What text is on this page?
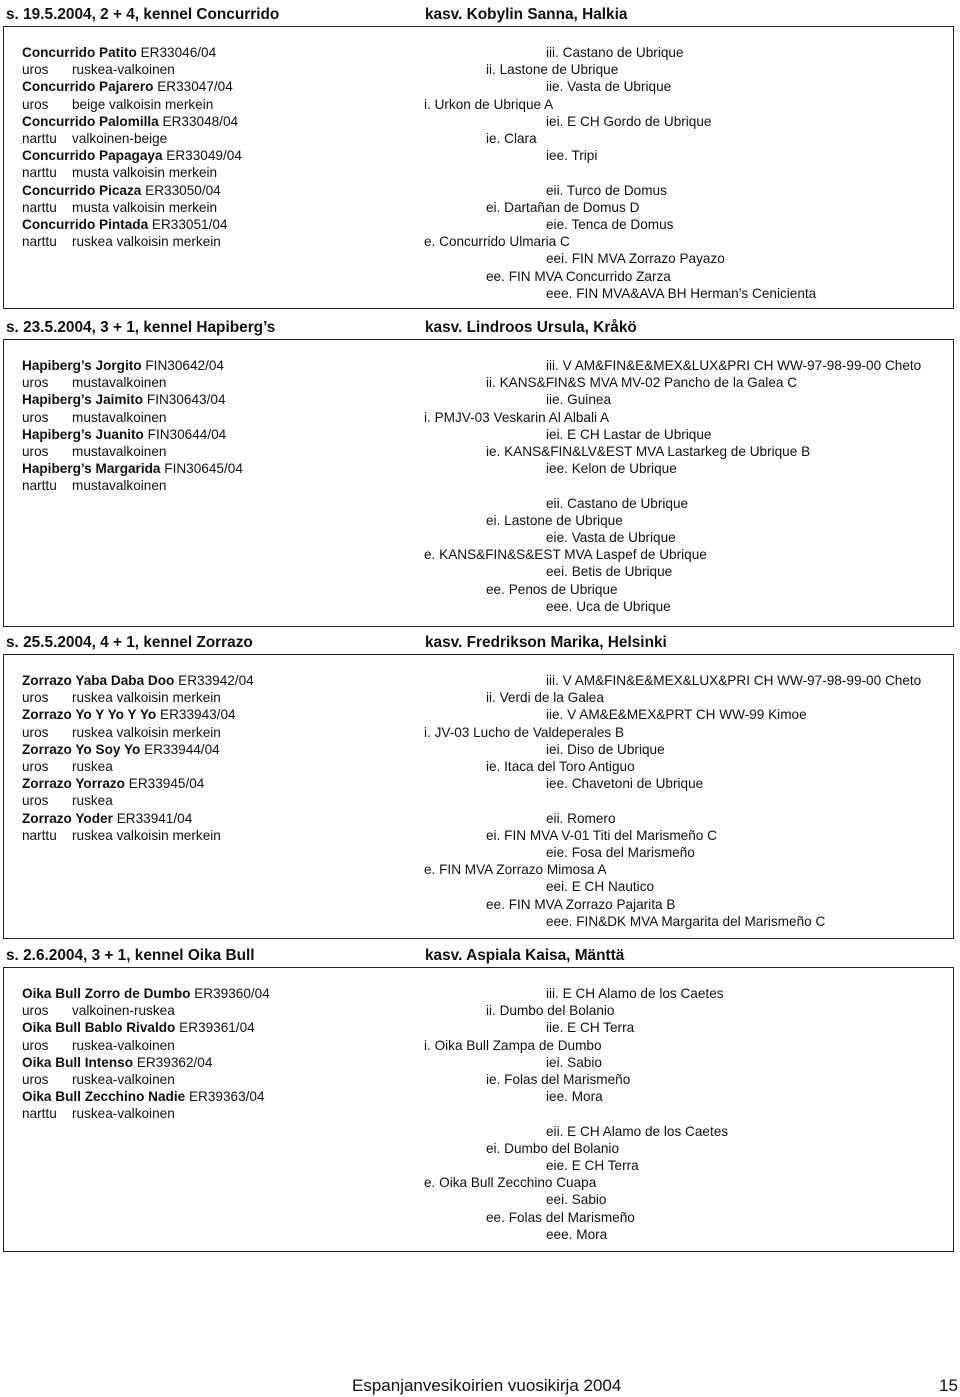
s. 19.5.2004, 2 + 4, kennel Concurrido	kasv. Kobylin Sanna, Halkia
Concurrido Patito ER33046/04
uros ruskea-valkoinen
Concurrido Pajarero ER33047/04
uros beige valkoisin merkein
Concurrido Palomilla ER33048/04
narttu valkoinen-beige
Concurrido Papagaya ER33049/04
narttu musta valkoisin merkein
Concurrido Picaza ER33050/04
narttu musta valkoisin merkein
Concurrido Pintada ER33051/04
narttu ruskea valkoisin merkein
iii. Castano de Ubrique
ii. Lastone de Ubrique
iie. Vasta de Ubrique
i. Urkon de Ubrique A
iei. E CH Gordo de Ubrique
ie. Clara
iee. Tripi
eii. Turco de Domus
ei. Dartañan de Domus D
eie. Tenca de Domus
e. Concurrido Ulmaria C
eei. FIN MVA Zorrazo Payazo
ee. FIN MVA Concurrido Zarza
eee. FIN MVA&AVA BH Herman’s Cenicienta
s. 23.5.2004, 3 + 1, kennel Hapiberg’s	kasv. Lindroos Ursula, Kråkö
Hapiberg’s Jorgito FIN30642/04
uros mustavalkoinen
Hapiberg’s Jaimito FIN30643/04
uros mustavalkoinen
Hapiberg’s Juanito FIN30644/04
uros mustavalkoinen
Hapiberg’s Margarida FIN30645/04
narttu mustavalkoinen
iii. V AM&FIN&E&MEX&LUX&PRI CH WW-97-98-99-00 Cheto
ii. KANS&FIN&S MVA MV-02 Pancho de la Galea C
iie. Guinea
i. PMJV-03 Veskarin Al Albali A
iei. E CH Lastar de Ubrique
ie. KANS&FIN&LV&EST MVA Lastarkeg de Ubrique B
iee. Kelon de Ubrique
eii. Castano de Ubrique
ei. Lastone de Ubrique
eie. Vasta de Ubrique
e. KANS&FIN&S&EST MVA Laspef de Ubrique
eei. Betis de Ubrique
ee. Penos de Ubrique
eee. Uca de Ubrique
s. 25.5.2004, 4 + 1, kennel Zorrazo	kasv. Fredrikson Marika, Helsinki
Zorrazo Yaba Daba Doo ER33942/04
uros ruskea valkoisin merkein
Zorrazo Yo Y Yo Y Yo ER33943/04
uros ruskea valkoisin merkein
Zorrazo Yo Soy Yo ER33944/04
uros ruskea
Zorrazo Yorrazo ER33945/04
uros ruskea
Zorrazo Yoder ER33941/04
narttu ruskea valkoisin merkein
iii. V AM&FIN&E&MEX&LUX&PRI CH WW-97-98-99-00 Cheto
ii. Verdi de la Galea
iie. V AM&E&MEX&PRT CH WW-99 Kimoe
i. JV-03 Lucho de Valdeperales B
iei. Diso de Ubrique
ie. Itaca del Toro Antiguo
iee. Chavetoni de Ubrique
eii. Romero
ei. FIN MVA V-01 Titi del Marismeño C
eie. Fosa del Marismeño
e. FIN MVA Zorrazo Mimosa A
eei. E CH Nautico
ee. FIN MVA Zorrazo Pajarita B
eee. FIN&DK MVA Margarita del Marismeño C
s. 2.6.2004, 3 + 1, kennel Oika Bull	kasv. Aspiala Kaisa, Mänttä
Oika Bull Zorro de Dumbo ER39360/04
uros valkoinen-ruskea
Oika Bull Bablo Rivaldo ER39361/04
uros ruskea-valkoinen
Oika Bull Intenso ER39362/04
uros ruskea-valkoinen
Oika Bull Zecchino Nadie ER39363/04
narttu ruskea-valkoinen
iii. E CH Alamo de los Caetes
ii. Dumbo del Bolanio
iie. E CH Terra
i. Oika Bull Zampa de Dumbo
iei. Sabio
ie. Folas del Marismeño
iee. Mora
eii. E CH Alamo de los Caetes
ei. Dumbo del Bolanio
eie. E CH Terra
e. Oika Bull Zecchino Cuapa
eei. Sabio
ee. Folas del Marismeño
eee. Mora
Espanjanvesikoirien vuosikirja 2004	15
